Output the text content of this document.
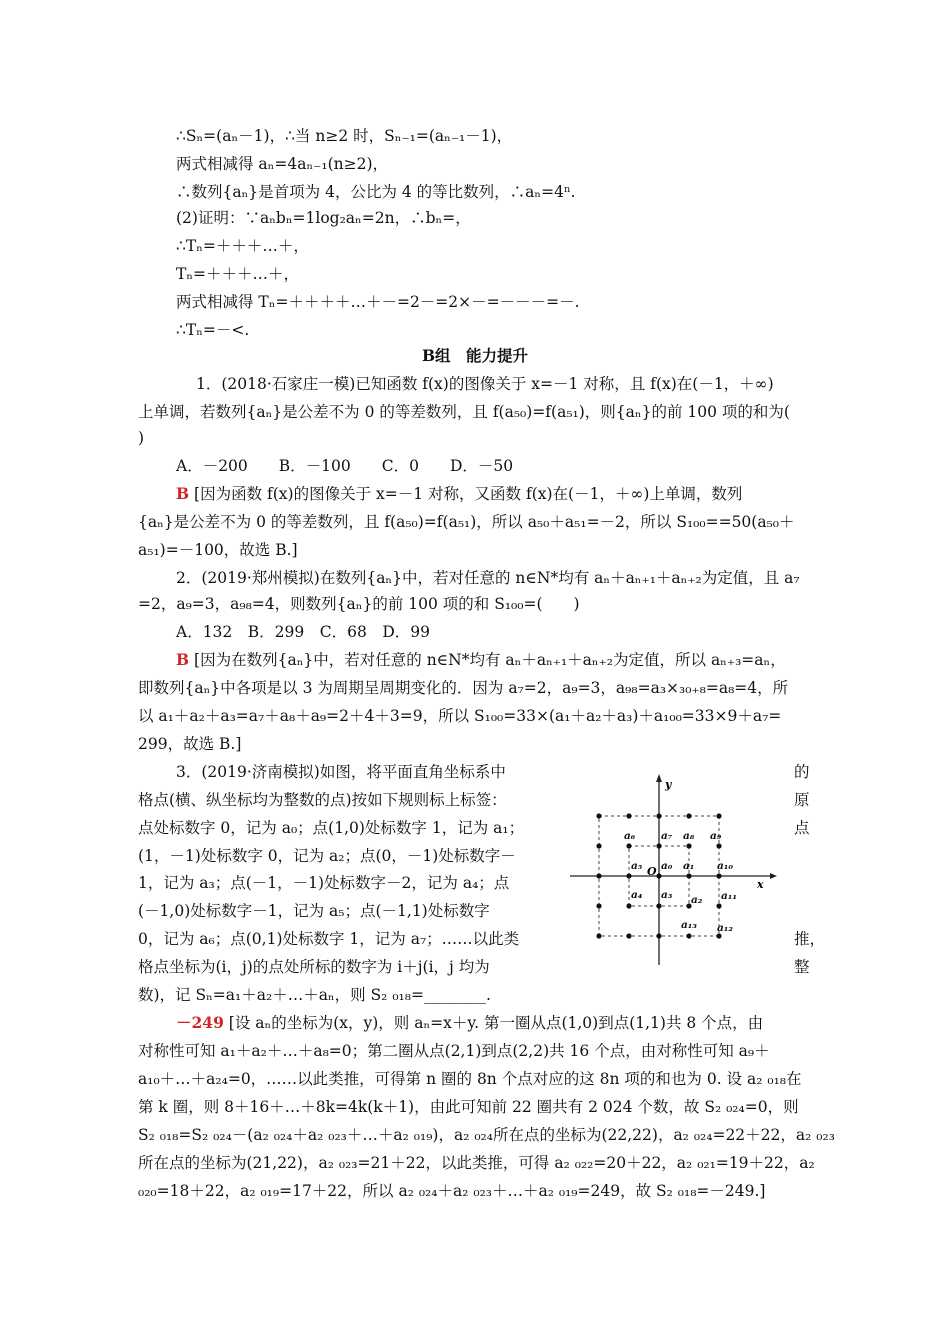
∴Sₙ=(aₙ－1)，∴当 n≥2 时，Sₙ₋₁=(aₙ₋₁－1)，
两式相减得 aₙ=4aₙ₋₁(n≥2)，
∴数列{aₙ}是首项为 4，公比为 4 的等比数列，∴aₙ=4ⁿ.
(2)证明：∵aₙbₙ=1log₂aₙ=2n，∴bₙ=，
∴Tₙ=＋＋＋…＋，
Tₙ=＋＋＋…＋，
两式相减得 Tₙ=＋＋＋＋…＋－=2－=2×－=－－－=－.
∴Tₙ=－<.
B组　能力提升
1．(2018·石家庄一模)已知函数 f(x)的图像关于 x=－1 对称，且 f(x)在(－1，＋∞)
上单调，若数列{aₙ}是公差不为 0 的等差数列，且 f(a₅₀)=f(a₅₁)，则{aₙ}的前 100 项的和为(
)
A．－200　　B．－100　　C．0　　D．－50
B [因为函数 f(x)的图像关于 x=－1 对称，又函数 f(x)在(－1，＋∞)上单调，数列
{aₙ}是公差不为 0 的等差数列，且 f(a₅₀)=f(a₅₁)，所以 a₅₀＋a₅₁=－2，所以 S₁₀₀==50(a₅₀＋
a₅₁)=－100，故选 B.]
2．(2019·郑州模拟)在数列{aₙ}中，若对任意的 n∈N*均有 aₙ＋aₙ₊₁＋aₙ₊₂为定值，且 a₇
=2，a₉=3，a₉₈=4，则数列{aₙ}的前 100 项的和 S₁₀₀=(　　)
A．132　B．299　C．68　D．99
B [因为在数列{aₙ}中，若对任意的 n∈N*均有 aₙ＋aₙ₊₁＋aₙ₊₂为定值，所以 aₙ₊₃=aₙ，
即数列{aₙ}中各项是以 3 为周期呈周期变化的．因为 a₇=2，a₉=3，a₉₈=a₃×₃₀₊₈=a₈=4，所
以 a₁＋a₂＋a₃=a₇＋a₈＋a₉=2＋4＋3=9，所以 S₁₀₀=33×(a₁＋a₂＋a₃)＋a₁₀₀=33×9＋a₇=
299，故选 B.]
3．(2019·济南模拟)如图，将平面直角坐标系中
格点(横、纵坐标均为整数的点)按如下规则标上标签：
点处标数字 0，记为 a₀；点(1,0)处标数字 1，记为 a₁；
(1，－1)处标数字 0，记为 a₂；点(0，－1)处标数字－
1，记为 a₃；点(－1，－1)处标数字－2，记为 a₄；点
(－1,0)处标数字－1，记为 a₅；点(－1,1)处标数字
0，记为 a₆；点(0,1)处标数字 1，记为 a₇；……以此类
格点坐标为(i，j)的点处所标的数字为 i＋j(i，j 均为
的
原
点
推，
整
数)，记 Sₙ=a₁＋a₂＋…＋aₙ，则 S₂ ₀₁₈=________.
－249 [设 aₙ的坐标为(x，y)，则 aₙ=x＋y. 第一圈从点(1,0)到点(1,1)共 8 个点，由
对称性可知 a₁＋a₂＋…＋a₈=0；第二圈从点(2,1)到点(2,2)共 16 个点，由对称性可知 a₉＋
a₁₀＋…＋a₂₄=0，……以此类推，可得第 n 圈的 8n 个点对应的这 8n 项的和也为 0. 设 a₂ ₀₁₈在
第 k 圈，则 8＋16＋…＋8k=4k(k＋1)，由此可知前 22 圈共有 2 024 个数，故 S₂ ₀₂₄=0，则
S₂ ₀₁₈=S₂ ₀₂₄－(a₂ ₀₂₄＋a₂ ₀₂₃＋…＋a₂ ₀₁₉)，a₂ ₀₂₄所在点的坐标为(22,22)，a₂ ₀₂₄=22＋22，a₂ ₀₂₃
所在点的坐标为(21,22)，a₂ ₀₂₃=21＋22，以此类推，可得 a₂ ₀₂₂=20＋22，a₂ ₀₂₁=19＋22，a₂
₀₂₀=18＋22，a₂ ₀₁₉=17＋22，所以 a₂ ₀₂₄＋a₂ ₀₂₃＋…＋a₂ ₀₁₉=249，故 S₂ ₀₁₈=－249.]
x
y
O
a₆ a₇ a₈ a₉
a₅ a₀ a₁ a₁₀
a₄ a₃ a₂ a₁₁
a₁₃ a₁₂
